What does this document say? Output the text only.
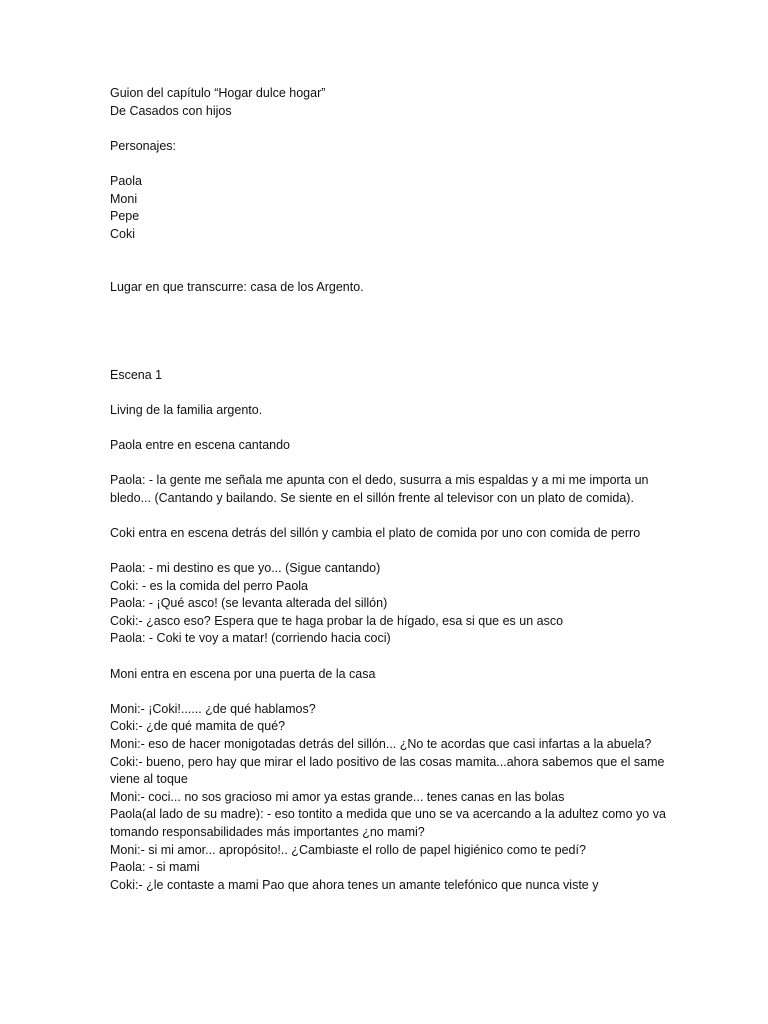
Guion del capítulo “Hogar dulce hogar”

De Casados con hijos

Personajes:

Paola

Moni

Pepe

Coki

Lugar en que transcurre: casa de los Argento.

Escena 1

Living de la familia argento.

Paola entre en escena cantando

Paola: - la gente me señala me apunta con el dedo, susurra a mis espaldas y a mi me importa un bledo... (Cantando y bailando. Se siente en el sillón frente al televisor con un plato de comida).

Coki entra en escena detrás del sillón y cambia el plato de comida por uno con comida de perro

Paola: - mi destino es que yo... (Sigue cantando)

Coki: - es la comida del perro Paola

Paola: - ¡Qué asco! (se levanta alterada del sillón)

Coki:- ¿asco eso? Espera que te haga probar la de hígado, esa si que es un asco

Paola: - Coki te voy a matar! (corriendo hacia coci)

Moni entra en escena por una puerta de la casa

Moni:- ¡Coki!...... ¿de qué hablamos?

Coki:- ¿de qué mamita de qué?

Moni:- eso de hacer monigotadas detrás del sillón... ¿No te acordas que casi infartas a la abuela?

Coki:- bueno, pero hay que mirar el lado positivo de las cosas mamita...ahora sabemos que el same viene al toque

Moni:- coci... no sos gracioso mi amor ya estas grande... tenes canas en las bolas

Paola(al lado de su madre): - eso tontito a medida que uno se va acercando a la adultez como yo va tomando responsabilidades más importantes ¿no mami?

Moni:- si mi amor... apropósito!.. ¿Cambiaste el rollo de papel higiénico como te pedí?

Paola: - si mami

Coki:- ¿le contaste a mami Pao que ahora tenes un amante telefónico que nunca viste y
